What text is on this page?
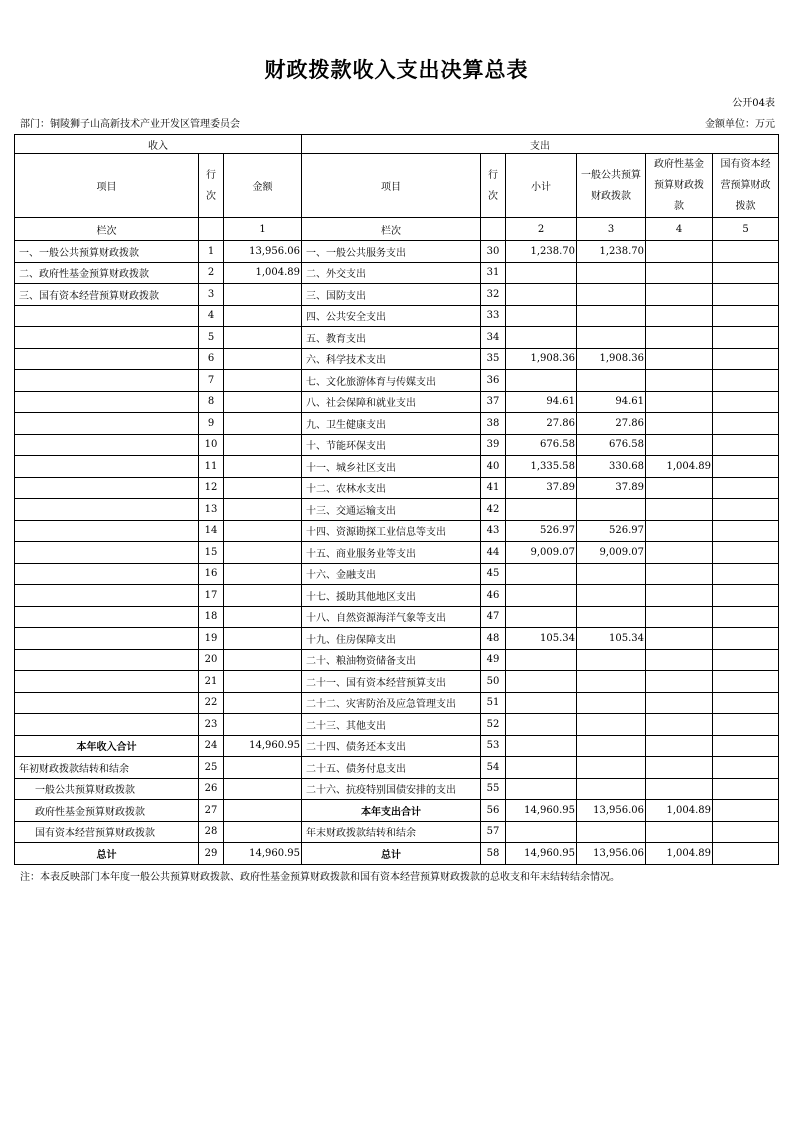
财政拨款收入支出决算总表
公开04表
部门：铜陵狮子山高新技术产业开发区管理委员会	金额单位：万元
收入			支出					
项目	行次	金额	项目	行次	小计	一般公共预算财政拨款	政府性基金预算财政拨款	国有资本经营预算财政拨款
栏次		1	栏次		2	3	4	5
一、一般公共预算财政拨款	1	13,956.06	一、一般公共服务支出	30	1,238.70	1,238.70		
二、政府性基金预算财政拨款	2	1,004.89	二、外交支出	31				
三、国有资本经营预算财政拨款	3		三、国防支出	32				
	4		四、公共安全支出	33				
	5		五、教育支出	34				
	6		六、科学技术支出	35	1,908.36	1,908.36		
	7		七、文化旅游体育与传媒支出	36				
	8		八、社会保障和就业支出	37	94.61	94.61		
	9		九、卫生健康支出	38	27.86	27.86		
	10		十、节能环保支出	39	676.58	676.58		
	11		十一、城乡社区支出	40	1,335.58	330.68	1,004.89	
	12		十二、农林水支出	41	37.89	37.89		
	13		十三、交通运输支出	42				
	14		十四、资源勘探工业信息等支出	43	526.97	526.97		
	15		十五、商业服务业等支出	44	9,009.07	9,009.07		
	16		十六、金融支出	45				
	17		十七、援助其他地区支出	46				
	18		十八、自然资源海洋气象等支出	47				
	19		十九、住房保障支出	48	105.34	105.34		
	20		二十、粮油物资储备支出	49				
	21		二十一、国有资本经营预算支出	50				
	22		二十二、灾害防治及应急管理支出	51				
	23		二十三、其他支出	52				
本年收入合计	24	14,960.95	二十四、债务还本支出	53				
年初财政拨款结转和结余	25		二十五、债务付息支出	54				
一般公共预算财政拨款	26		二十六、抗疫特别国债安排的支出	55				
政府性基金预算财政拨款	27		本年支出合计	56	14,960.95	13,956.06	1,004.89	
国有资本经营预算财政拨款	28		年末财政拨款结转和结余	57				
总计	29	14,960.95	总计	58	14,960.95	13,956.06	1,004.89	
注：本表反映部门本年度一般公共预算财政拨款、政府性基金预算财政拨款和国有资本经营预算财政拨款的总收支和年末结转结余情况。
